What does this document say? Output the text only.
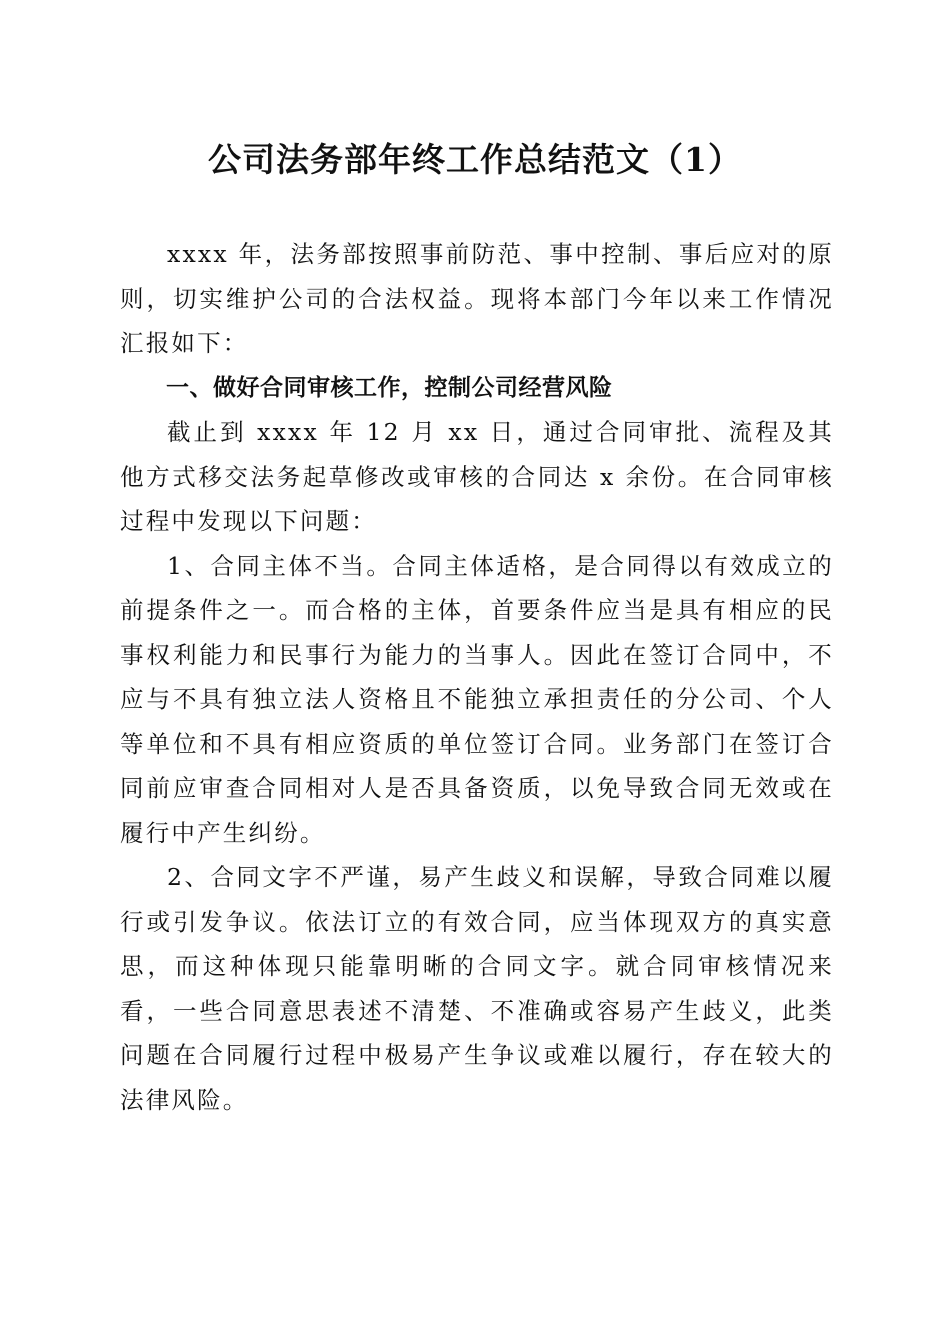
公司法务部年终工作总结范文（1）

xxxx 年，法务部按照事前防范、事中控制、事后应对的原则，切实维护公司的合法权益。现将本部门今年以来工作情况汇报如下：

一、做好合同审核工作，控制公司经营风险

截止到 xxxx 年 12 月 xx 日，通过合同审批、流程及其他方式移交法务起草修改或审核的合同达 x 余份。在合同审核过程中发现以下问题：

1、合同主体不当。合同主体适格，是合同得以有效成立的前提条件之一。而合格的主体，首要条件应当是具有相应的民事权利能力和民事行为能力的当事人。因此在签订合同中，不应与不具有独立法人资格且不能独立承担责任的分公司、个人等单位和不具有相应资质的单位签订合同。业务部门在签订合同前应审查合同相对人是否具备资质，以免导致合同无效或在履行中产生纠纷。

2、合同文字不严谨，易产生歧义和误解，导致合同难以履行或引发争议。依法订立的有效合同，应当体现双方的真实意思，而这种体现只能靠明晰的合同文字。就合同审核情况来看，一些合同意思表述不清楚、不准确或容易产生歧义，此类问题在合同履行过程中极易产生争议或难以履行，存在较大的法律风险。
